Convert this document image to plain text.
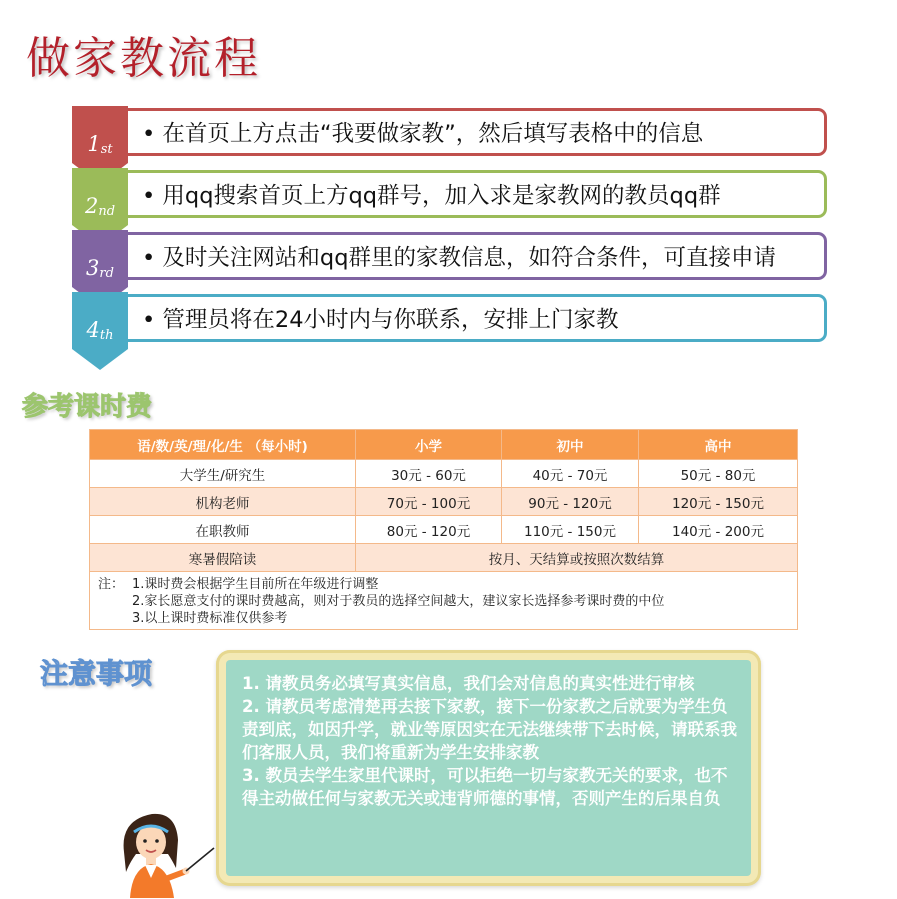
做家教流程
$1_{st}$
• 在首页上方点击“我要做家教”，然后填写表格中的信息
$2_{nd}$
• 用qq搜索首页上方qq群号，加入求是家教网的教员qq群
$3_{rd}$
• 及时关注网站和qq群里的家教信息，如符合条件，可直接申请
$4_{th}$
• 管理员将在24小时内与你联系，安排上门家教
参考课时费
语/数/英/理/化/生 （每小时)	小学	初中	高中
大学生/研究生	30元 - 60元	40元 - 70元	50元 - 80元
机构老师	70元 - 100元	90元 - 120元	120元 - 150元
在职教师	80元 - 120元	110元 - 150元	140元 - 200元
寒暑假陪读	按月、天结算或按照次数结算		

注： 1.课时费会根据学生目前所在年级进行调整
2.家长愿意支付的课时费越高，则对于教员的选择空间越大，建议家长选择参考课时费的中位
3.以上课时费标准仅供参考			
注意事项	1. 请教员务必填写真实信息，我们会对信息的真实性进行审核

2. 请教员考虑清楚再去接下家教，接下一份家教之后就要为学生负责到底，如因升学，就业等原因实在无法继续带下去时候，请联系我们客服人员，我们将重新为学生安排家教

3. 教员去学生家里代课时，可以拒绝一切与家教无关的要求，也不得主动做任何与家教无关或违背师德的事情，否则产生的后果自负
